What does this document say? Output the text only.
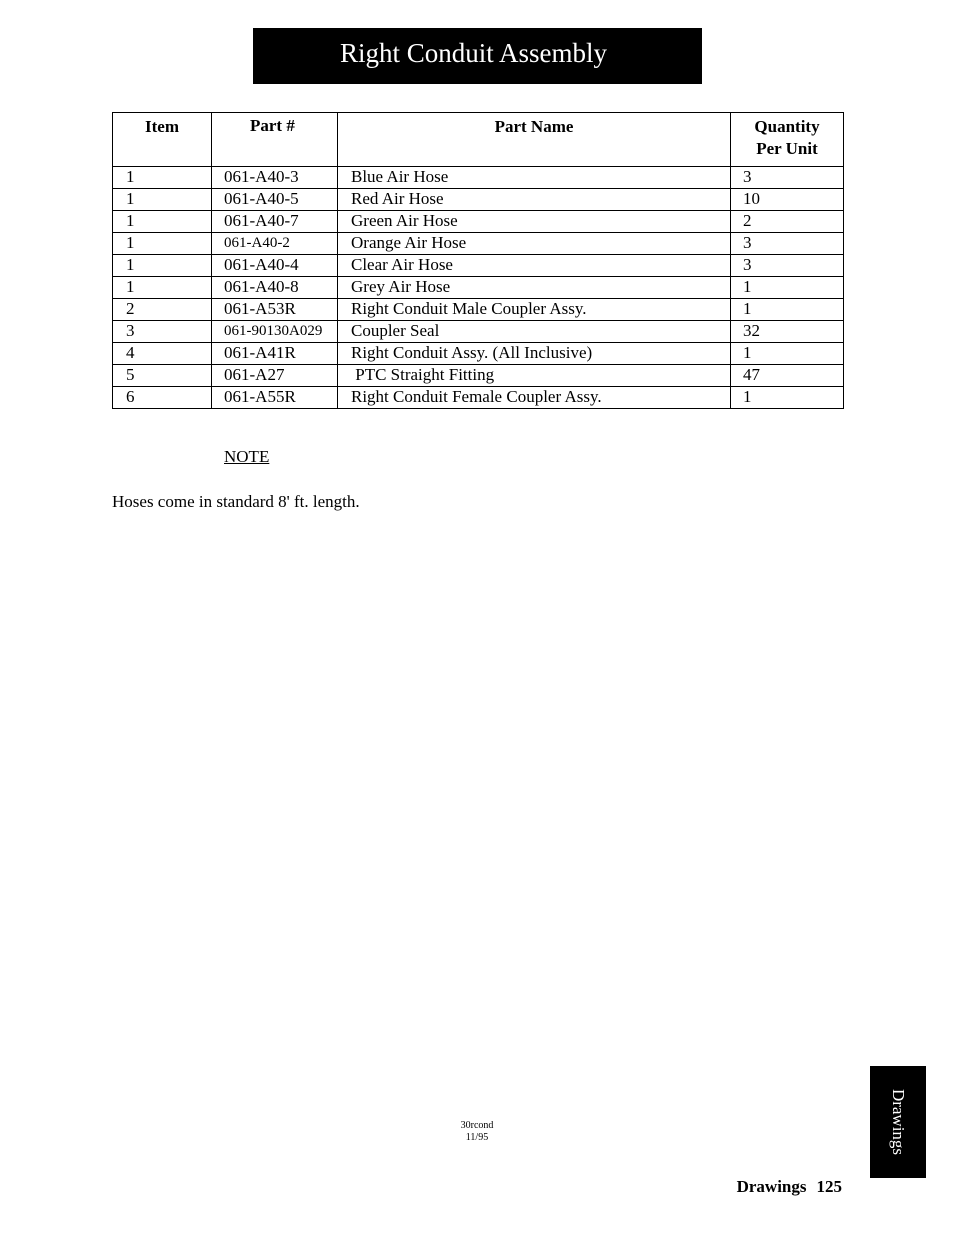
Right Conduit Assembly
Item	Part #	Part Name	Quantity
Per Unit
1	061-A40-3	Blue Air Hose	3
1	061-A40-5	Red Air Hose	10
1	061-A40-7	Green Air Hose	2
1	061-A40-2	Orange Air Hose	3
1	061-A40-4	Clear Air Hose	3
1	061-A40-8	Grey Air Hose	1
2	061-A53R	Right Conduit Male Coupler Assy.	1
3	061-90130A029	Coupler Seal	32
4	061-A41R	Right Conduit Assy. (All Inclusive)	1
5	061-A27	PTC Straight Fitting	47
6	061-A55R	Right Conduit Female Coupler Assy.	1
NOTE
Hoses come in standard 8' ft. length.
30rcond
11/95	Drawings
Drawings 125
